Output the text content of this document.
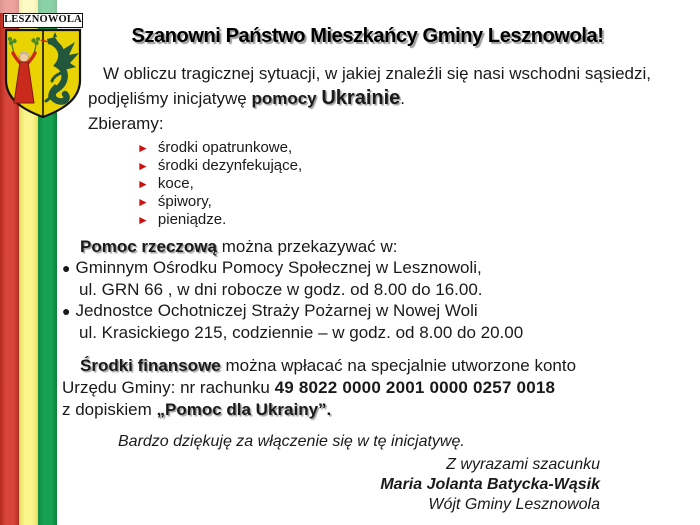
LESZNOWOLA
Szanowni Państwo Mieszkańcy Gminy Lesznowola!
W obliczu tragicznej sytuacji, w jakiej znaleźli się nasi wschodni sąsiedzi,
podjęliśmy inicjatywę pomocy Ukrainie.
Zbieramy:
► środki opatrunkowe,
► środki dezynfekujące,
► koce,
► śpiwory,
► pieniądze.
Pomoc rzeczową można przekazywać w:
● Gminnym Ośrodku Pomocy Społecznej w Lesznowoli,
ul. GRN 66 , w dni robocze w godz. od 8.00 do 16.00.
● Jednostce Ochotniczej Straży Pożarnej w Nowej Woli
ul. Krasickiego 215, codziennie – w godz. od 8.00 do 20.00
Środki finansowe można wpłacać na specjalnie utworzone konto
Urzędu Gminy: nr rachunku 49 8022 0000 2001 0000 0257 0018
z dopiskiem „Pomoc dla Ukrainy”.
Bardzo dziękuję za włączenie się w tę inicjatywę.
Z wyrazami szacunku
Maria Jolanta Batycka-Wąsik
Wójt Gminy Lesznowola
